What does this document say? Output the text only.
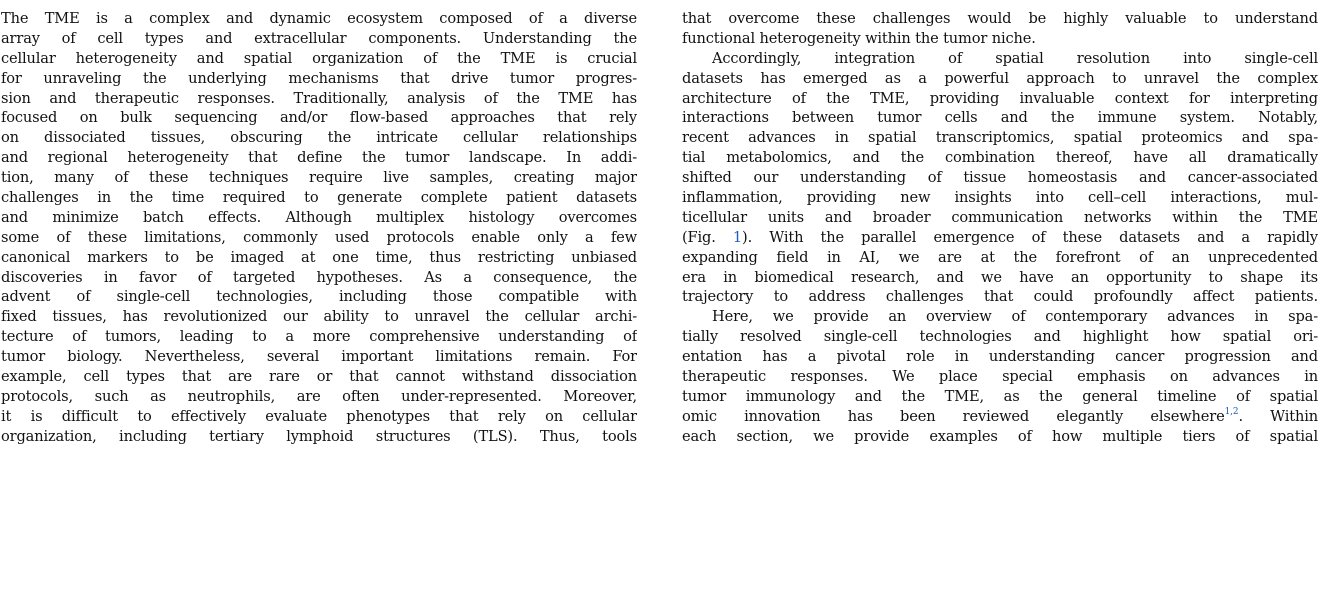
The TME is a complex and dynamic ecosystem composed of a diverse
array of cell types and extracellular components. Understanding the
cellular heterogeneity and spatial organization of the TME is crucial
for unraveling the underlying mechanisms that drive tumor progres-
sion and therapeutic responses. Traditionally, analysis of the TME has
focused on bulk sequencing and/or flow-based approaches that rely
on dissociated tissues, obscuring the intricate cellular relationships
and regional heterogeneity that define the tumor landscape. In addi-
tion, many of these techniques require live samples, creating major
challenges in the time required to generate complete patient datasets
and minimize batch effects. Although multiplex histology overcomes
some of these limitations, commonly used protocols enable only a few
canonical markers to be imaged at one time, thus restricting unbiased
discoveries in favor of targeted hypotheses. As a consequence, the
advent of single-cell technologies, including those compatible with
fixed tissues, has revolutionized our ability to unravel the cellular archi-
tecture of tumors, leading to a more comprehensive understanding of
tumor biology. Nevertheless, several important limitations remain. For
example, cell types that are rare or that cannot withstand dissociation
protocols, such as neutrophils, are often under-represented. Moreover,
it is difficult to effectively evaluate phenotypes that rely on cellular
organization, including tertiary lymphoid structures (TLS). Thus, tools
that overcome these challenges would be highly valuable to understand
functional heterogeneity within the tumor niche.
Accordingly, integration of spatial resolution into single-cell
datasets has emerged as a powerful approach to unravel the complex
architecture of the TME, providing invaluable context for interpreting
interactions between tumor cells and the immune system. Notably,
recent advances in spatial transcriptomics, spatial proteomics and spa-
tial metabolomics, and the combination thereof, have all dramatically
shifted our understanding of tissue homeostasis and cancer-associated
inflammation, providing new insights into cell–cell interactions, mul-
ticellular units and broader communication networks within the TME
(Fig. 1). With the parallel emergence of these datasets and a rapidly
expanding field in AI, we are at the forefront of an unprecedented
era in biomedical research, and we have an opportunity to shape its
trajectory to address challenges that could profoundly affect patients.
Here, we provide an overview of contemporary advances in spa-
tially resolved single-cell technologies and highlight how spatial ori-
entation has a pivotal role in understanding cancer progression and
therapeutic responses. We place special emphasis on advances in
tumor immunology and the TME, as the general timeline of spatial
omic innovation has been reviewed elegantly elsewhere$^{1,2}$. Within
each section, we provide examples of how multiple tiers of spatial
